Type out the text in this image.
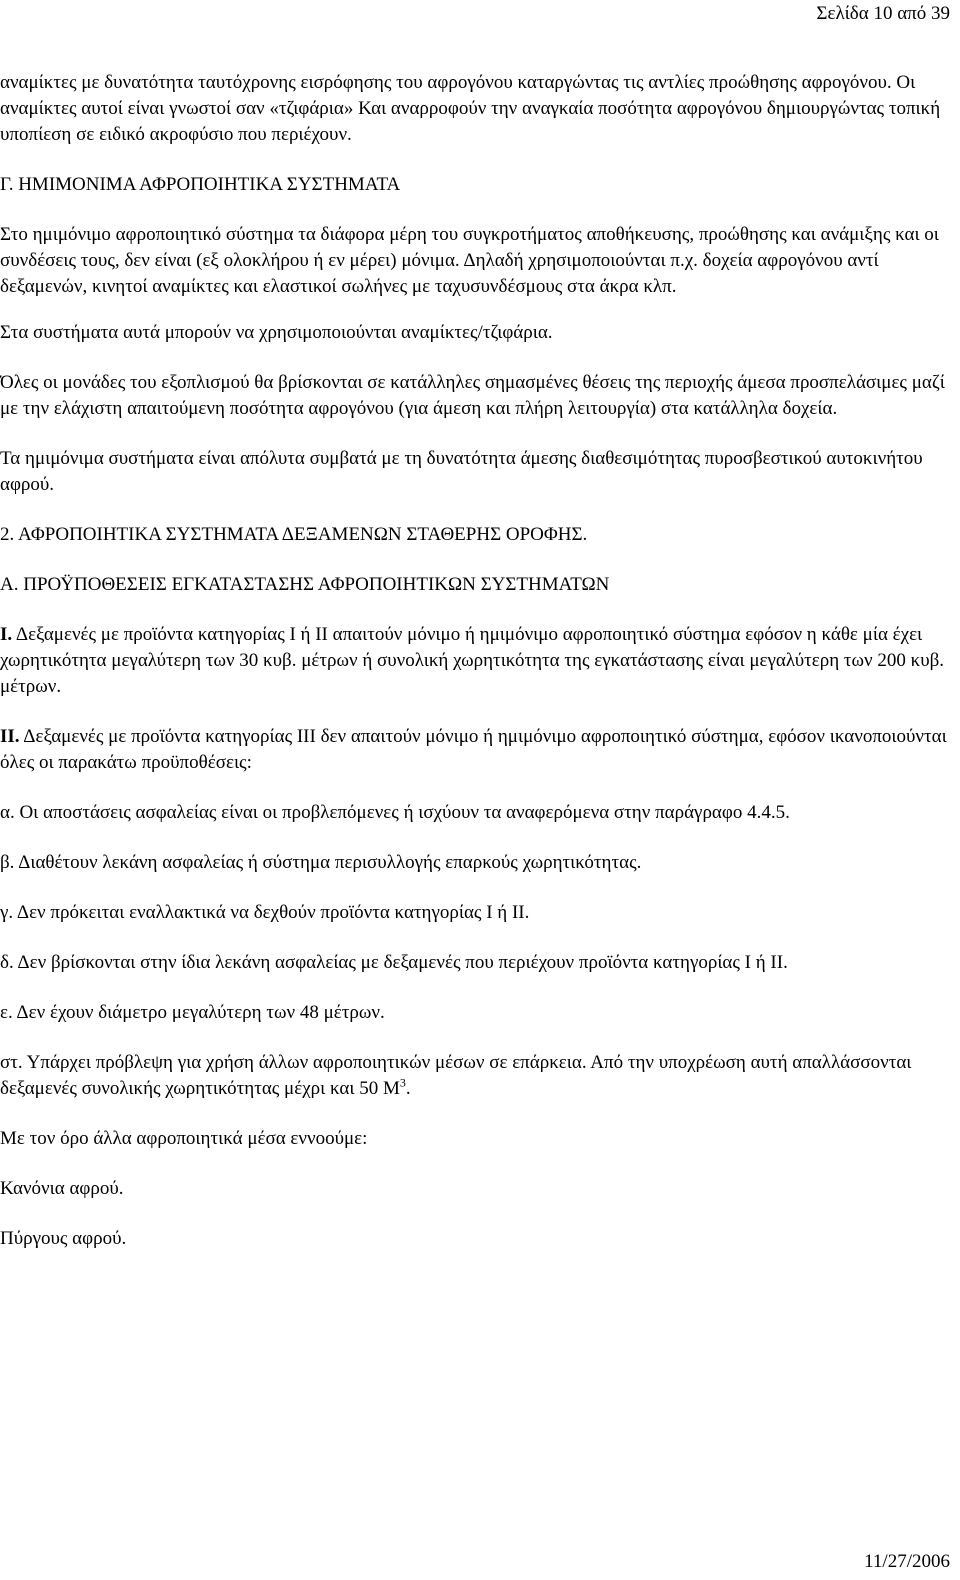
Σελίδα 10 από 39

αναμίκτες με δυνατότητα ταυτόχρονης εισρόφησης του αφρογόνου καταργώντας τις αντλίες προώθησης αφρογόνου. Οι αναμίκτες αυτοί είναι γνωστοί σαν «τζιφάρια» Και αναρροφούν την αναγκαία ποσότητα αφρογόνου δημιουργώντας τοπική υποπίεση σε ειδικό ακροφύσιο που περιέχουν.

Γ. ΗΜΙΜΟΝΙΜΑ ΑΦΡΟΠΟΙΗΤΙΚΑ ΣΥΣΤΗΜΑΤΑ

Στο ημιμόνιμο αφροποιητικό σύστημα τα διάφορα μέρη του συγκροτήματος αποθήκευσης, προώθησης και ανάμιξης και οι συνδέσεις τους, δεν είναι (εξ ολοκλήρου ή εν μέρει) μόνιμα. Δηλαδή χρησιμοποιούνται π.χ. δοχεία αφρογόνου αντί δεξαμενών, κινητοί αναμίκτες και ελαστικοί σωλήνες με ταχυσυνδέσμους στα άκρα κλπ.

Στα συστήματα αυτά μπορούν να χρησιμοποιούνται αναμίκτες/τζιφάρια.

Όλες οι μονάδες του εξοπλισμού θα βρίσκονται σε κατάλληλες σημασμένες θέσεις της περιοχής άμεσα προσπελάσιμες μαζί με την ελάχιστη απαιτούμενη ποσότητα αφρογόνου (για άμεση και πλήρη λειτουργία) στα κατάλληλα δοχεία.

Τα ημιμόνιμα συστήματα είναι απόλυτα συμβατά με τη δυνατότητα άμεσης διαθεσιμότητας πυροσβεστικού αυτοκινήτου αφρού.

2. ΑΦΡΟΠΟΙΗΤΙΚΑ ΣΥΣΤΗΜΑΤΑ ΔΕΞΑΜΕΝΩΝ ΣΤΑΘΕΡΗΣ ΟΡΟΦΗΣ.

Α. ΠΡΟΫΠΟΘΕΣΕΙΣ ΕΓΚΑΤΑΣΤΑΣΗΣ ΑΦΡΟΠΟΙΗΤΙΚΩΝ ΣΥΣΤΗΜΑΤΩΝ

Ι. Δεξαμενές με προϊόντα κατηγορίας Ι ή ΙΙ απαιτούν μόνιμο ή ημιμόνιμο αφροποιητικό σύστημα εφόσον η κάθε μία έχει χωρητικότητα μεγαλύτερη των 30 κυβ. μέτρων ή συνολική χωρητικότητα της εγκατάστασης είναι μεγαλύτερη των 200 κυβ. μέτρων.

ΙΙ. Δεξαμενές με προϊόντα κατηγορίας ΙΙΙ δεν απαιτούν μόνιμο ή ημιμόνιμο αφροποιητικό σύστημα, εφόσον ικανοποιούνται όλες οι παρακάτω προϋποθέσεις:

α. Οι αποστάσεις ασφαλείας είναι οι προβλεπόμενες ή ισχύουν τα αναφερόμενα στην παράγραφο 4.4.5.

β. Διαθέτουν λεκάνη ασφαλείας ή σύστημα περισυλλογής επαρκούς χωρητικότητας.

γ. Δεν πρόκειται εναλλακτικά να δεχθούν προϊόντα κατηγορίας Ι ή ΙΙ.

δ. Δεν βρίσκονται στην ίδια λεκάνη ασφαλείας με δεξαμενές που περιέχουν προϊόντα κατηγορίας Ι ή ΙΙ.

ε. Δεν έχουν διάμετρο μεγαλύτερη των 48 μέτρων.

στ. Υπάρχει πρόβλεψη για χρήση άλλων αφροποιητικών μέσων σε επάρκεια. Από την υποχρέωση αυτή απαλλάσσονται δεξαμενές συνολικής χωρητικότητας μέχρι και 50 $M^3$.

Με τον όρο άλλα αφροποιητικά μέσα εννοούμε:

Κανόνια αφρού.

Πύργους αφρού.

11/27/2006
